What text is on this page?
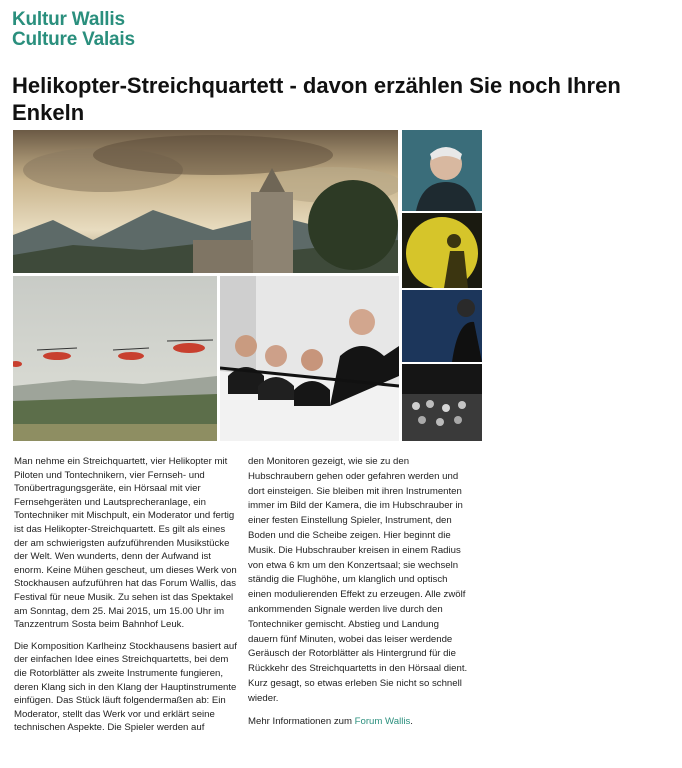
Kultur Wallis
Culture Valais
Helikopter-Streichquartett - davon erzählen Sie noch Ihren Enkeln

Man nehme ein Streichquartett, vier Helikopter mit Piloten und Tontechnikern, vier Fernseh- und Tonübertragungsgeräte, ein Hörsaal mit vier Fernsehgeräten und Lautsprecheranlage, ein Tontechniker mit Mischpult, ein Moderator und fertig ist das Helikopter-Streichquartett. Es gilt als eines der am schwierigsten aufzuführenden Musikstücke der Welt. Wen wunderts, denn der Aufwand ist enorm. Keine Mühen gescheut, um dieses Werk von Stockhausen aufzuführen hat das Forum Wallis, das Festival für neue Musik. Zu sehen ist das Spektakel am Sonntag, dem 25. Mai 2015, um 15.00 Uhr im Tanzzentrum Sosta beim Bahnhof Leuk.

Die Komposition Karlheinz Stockhausens basiert auf der einfachen Idee eines Streichquartetts, bei dem die Rotorblätter als zweite Instrumente fungieren, deren Klang sich in den Klang der Hauptinstrumente einfügen. Das Stück läuft folgendermaßen ab: Ein Moderator, stellt das Werk vor und erklärt seine technischen Aspekte. Die Spieler werden auf

den Monitoren gezeigt, wie sie zu den Hubschraubern gehen oder gefahren werden und dort einsteigen. Sie bleiben mit ihren Instrumenten immer im Bild der Kamera, die im Hubschrauber in einer festen Einstellung Spieler, Instrument, den Boden und die Scheibe zeigen. Hier beginnt die Musik. Die Hubschrauber kreisen in einem Radius von etwa 6 km um den Konzertsaal; sie wechseln ständig die Flughöhe, um klanglich und optisch einen modulierenden Effekt zu erzeugen. Alle zwölf ankommenden Signale werden live durch den Tontechniker gemischt. Abstieg und Landung dauern fünf Minuten, wobei das leiser werdende Geräusch der Rotorblätter als Hintergrund für die Rückkehr des Streichquartetts in den Hörsaal dient. Kurz gesagt, so etwas erleben Sie nicht so schnell wieder.

Mehr Informationen zum Forum Wallis.
